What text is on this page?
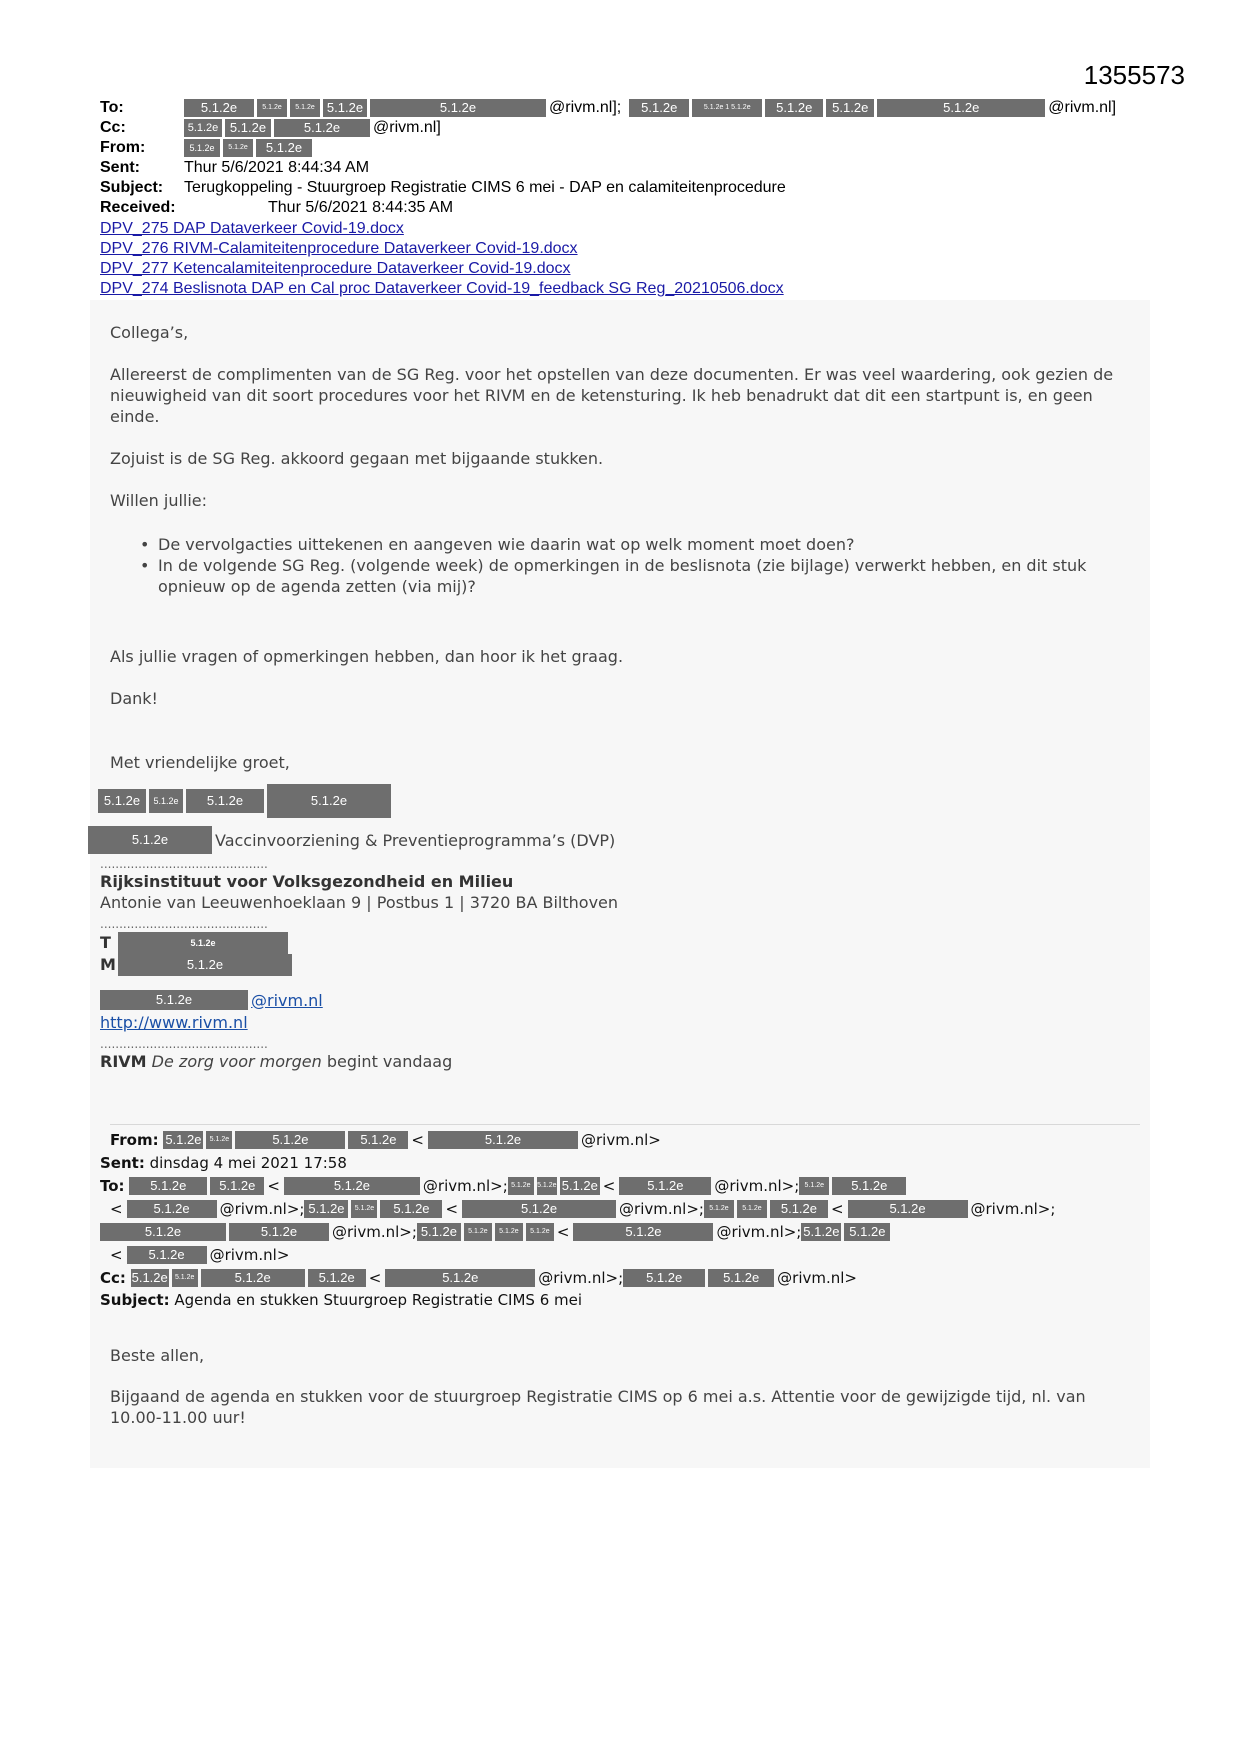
1355573
To:	5.1.2e	5.1.2e	5.1.2e 5.1.2e	5.1.2e	@rivm.nl];	5.1.2e	5.1.2e 1 5.1.2e	5.1.2e	5.1.2e	5.1.2e	@rivm.nl]
Cc:	5.1.2e 5.1.2e	5.1.2e	@rivm.nl]
From:	5.1.2e	5.1.2e	5.1.2e
Sent:	Thur 5/6/2021 8:44:34 AM
Subject:	Terugkoppeling - Stuurgroep Registratie CIMS 6 mei - DAP en calamiteitenprocedure
Received:	Thur 5/6/2021 8:44:35 AM
DPV_275 DAP Dataverkeer Covid-19.docx
DPV_276 RIVM-Calamiteitenprocedure Dataverkeer Covid-19.docx
DPV_277 Ketencalamiteitenprocedure Dataverkeer Covid-19.docx
DPV_274 Beslisnota DAP en Cal proc Dataverkeer Covid-19_feedback SG Reg_20210506.docx
Collega’s,
Allereerst de complimenten van de SG Reg. voor het opstellen van deze documenten. Er was veel waardering, ook gezien de nieuwigheid van dit soort procedures voor het RIVM en de ketensturing. Ik heb benadrukt dat dit een startpunt is, en geen einde.
Zojuist is de SG Reg. akkoord gegaan met bijgaande stukken.
Willen jullie:
• De vervolgacties uittekenen en aangeven wie daarin wat op welk moment moet doen?
• In de volgende SG Reg. (volgende week) de opmerkingen in de beslisnota (zie bijlage) verwerkt hebben, en dit stuk opnieuw op de agenda zetten (via mij)?
Als jullie vragen of opmerkingen hebben, dan hoor ik het graag.
Dank!
Met vriendelijke groet,
5.1.2e 5.1.2e 5.1.2e	5.1.2e
5.1.2e	Vaccinvoorziening & Preventieprogramma’s (DVP)
............................................
Rijksinstituut voor Volksgezondheid en Milieu
Antonie van Leeuwenhoeklaan 9 | Postbus 1 | 3720 BA Bilthoven
............................................
T	5.1.2e
M	5.1.2e
5.1.2e	@rivm.nl
http://www.rivm.nl
............................................
RIVM De zorg voor morgen begint vandaag
From:
5.1.2e	5.1.2e	5.1.2e	5.1.2e <	5.1.2e	@rivm.nl>
Sent: dinsdag 4 mei 2021 17:58
To:
	5.1.2e	5.1.2e <	5.1.2e	@rivm.nl>; 5.1.2e 5.1.2e 5.1.2e <	5.1.2e	@rivm.nl>; 5.1.2e	5.1.2e
<	5.1.2e	@rivm.nl>; 5.1.2e	5.1.2e	5.1.2e	<	5.1.2e	@rivm.nl>; 5.1.2e	5.1.2e	5.1.2e <	5.1.2e	@rivm.nl>;
5.1.2e	5.1.2e	@rivm.nl>; 5.1.2e	5.1.2e	5.1.2e	5.1.2e <	5.1.2e	@rivm.nl>; 5.1.2e 5.1.2e
<	5.1.2e	@rivm.nl>
Cc:
5.1.2e	5.1.2e	5.1.2e	5.1.2e <	5.1.2e	@rivm.nl>;	5.1.2e	5.1.2e	@rivm.nl>
Subject: Agenda en stukken Stuurgroep Registratie CIMS 6 mei
Beste allen,
Bijgaand de agenda en stukken voor de stuurgroep Registratie CIMS op 6 mei a.s. Attentie voor de gewijzigde tijd, nl. van 10.00-11.00 uur!
